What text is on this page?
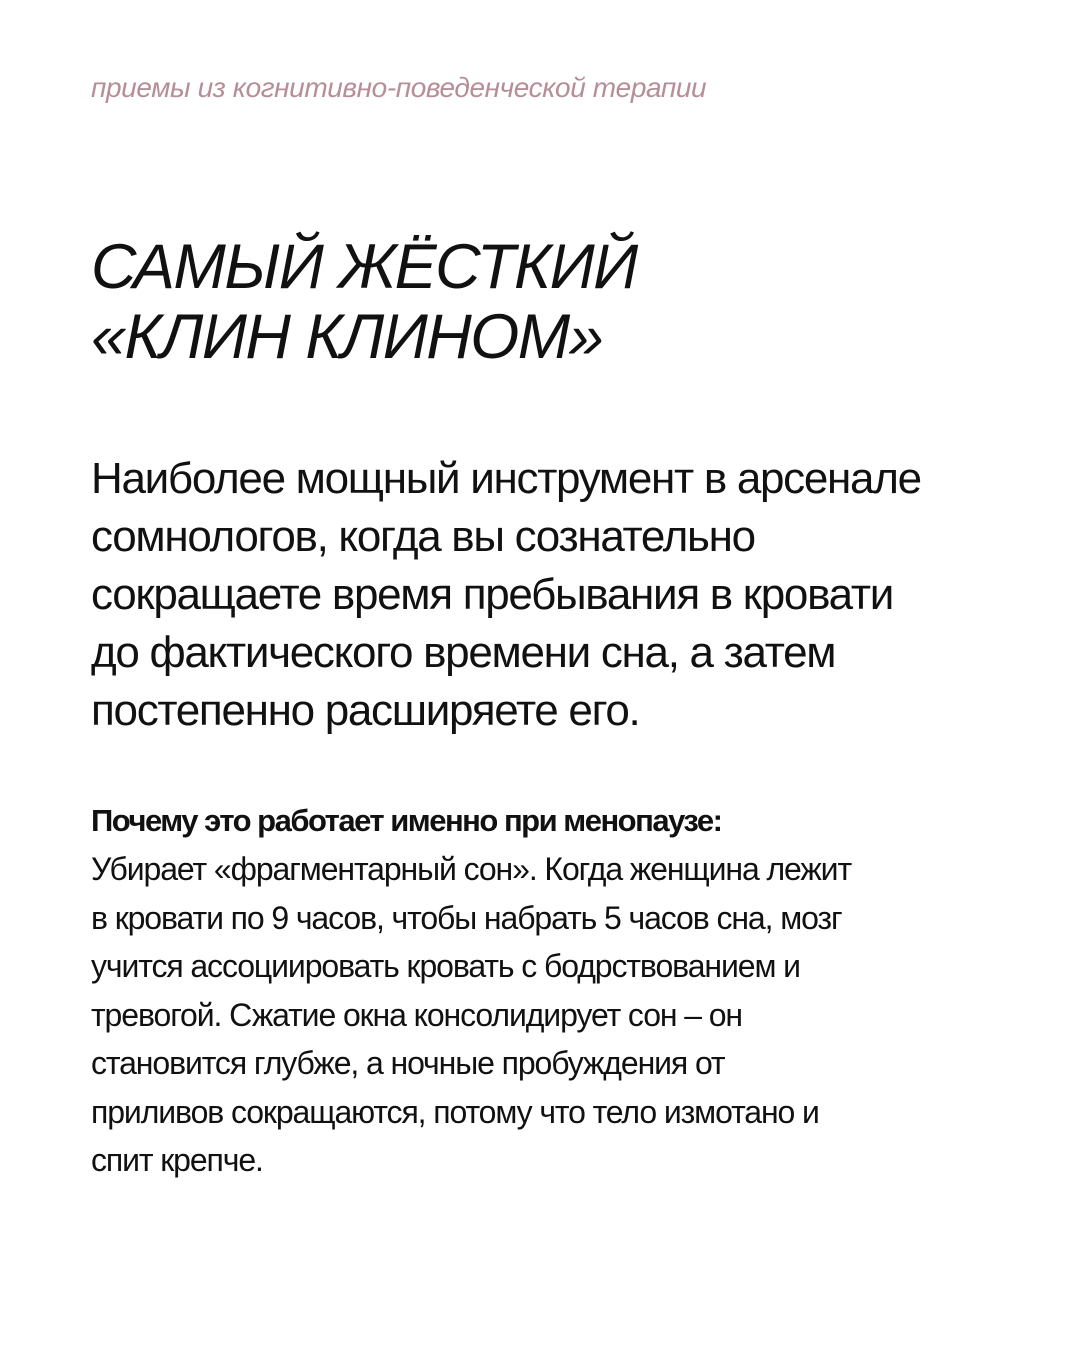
приемы из когнитивно-поведенческой терапии
САМЫЙ ЖЁСТКИЙ
«КЛИН КЛИНОМ»
Наиболее мощный инструмент в арсенале
сомнологов, когда вы сознательно
сокращаете время пребывания в кровати
до фактического времени сна, а затем
постепенно расширяете его.
Почему это работает именно при менопаузе:
Убирает «фрагментарный сон». Когда женщина лежит
в кровати по 9 часов, чтобы набрать 5 часов сна, мозг
учится ассоциировать кровать с бодрствованием и
тревогой. Сжатие окна консолидирует сон – он
становится глубже, а ночные пробуждения от
приливов сокращаются, потому что тело измотано и
спит крепче.
